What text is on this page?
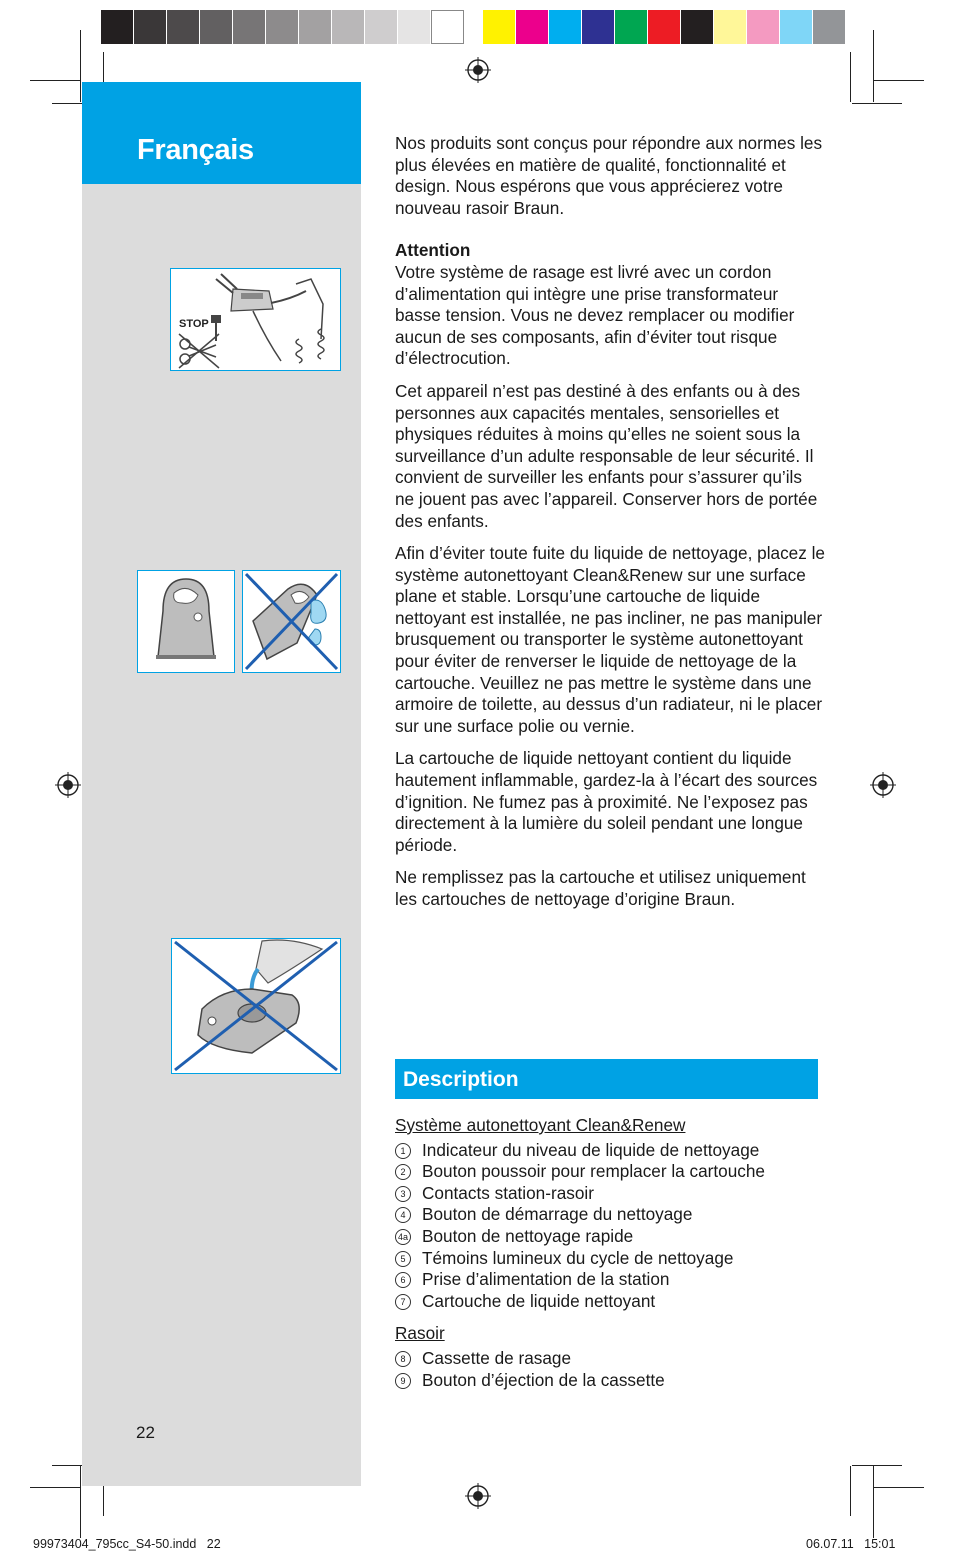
Français
STOP
22

Nos produits sont conçus pour répondre aux normes les plus élevées en matière de qualité, fonctionnalité et design. Nous espérons que vous apprécierez votre nouveau rasoir Braun.

Attention

Votre système de rasage est livré avec un cordon d’alimentation qui intègre une prise transformateur basse tension. Vous ne devez remplacer ou modifier aucun de ses composants, afin d’éviter tout risque d’électrocution.

Cet appareil n’est pas destiné à des enfants ou à des personnes aux capacités mentales, sensorielles et physiques réduites à moins qu’elles ne soient sous la surveillance d’un adulte responsable de leur sécurité. Il convient de surveiller les enfants pour s’assurer qu’ils ne jouent pas avec l’appareil. Conserver hors de portée des enfants.

Afin d’éviter toute fuite du liquide de nettoyage, placez le système autonettoyant Clean&Renew sur une surface plane et stable. Lorsqu’une cartouche de liquide nettoyant est installée, ne pas incliner, ne pas manipuler brusquement ou transporter le système autonettoyant pour éviter de renverser le liquide de nettoyage de la cartouche. Veuillez ne pas mettre le système dans une armoire de toilette, au dessus d’un radiateur, ni le placer sur une surface polie ou vernie.

La cartouche de liquide nettoyant contient du liquide hautement inflammable, gardez-la à l’écart des sources d’ignition. Ne fumez pas à proximité. Ne l’exposez pas directement à la lumière du soleil pendant une longue période.

Ne remplissez pas la cartouche et utilisez uniquement les cartouches de nettoyage d’origine Braun.

Description

Système autonettoyant Clean&Renew

1 Indicateur du niveau de liquide de nettoyage
2 Bouton poussoir pour remplacer la cartouche
3 Contacts station-rasoir
4 Bouton de démarrage du nettoyage
4a Bouton de nettoyage rapide
5 Témoins lumineux du cycle de nettoyage
6 Prise d’alimentation de la station
7 Cartouche de liquide nettoyant

Rasoir

8 Cassette de rasage
9 Bouton d’éjection de la cassette
99973404_795cc_S4-50.indd   22	06.07.11   15:01
